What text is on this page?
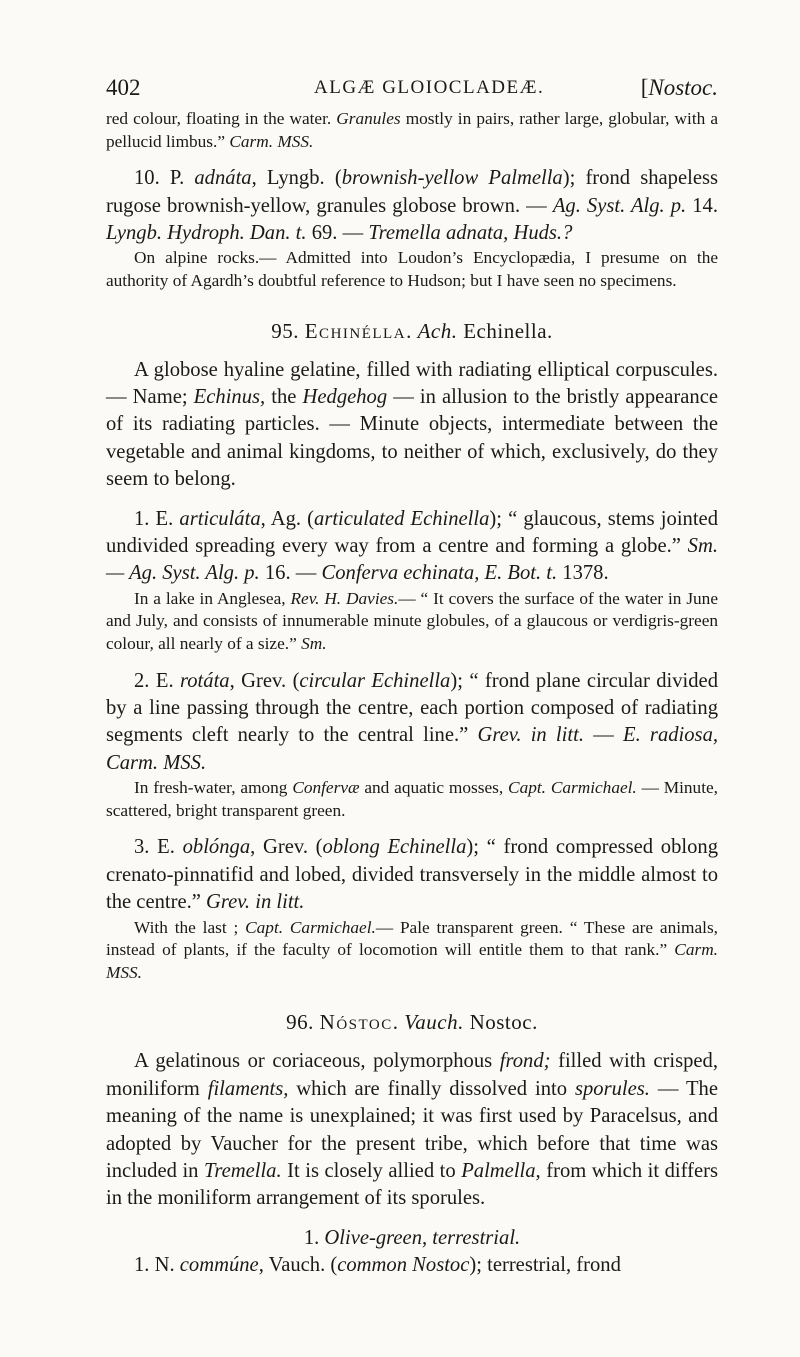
402	ALGÆ GLOIOCLADEÆ.	[Nostoc.

red colour, floating in the water. Granules mostly in pairs, rather large, globular, with a pellucid limbus.” Carm. MSS.

10. P. adnáta, Lyngb. (brownish-yellow Palmella); frond shapeless rugose brownish-yellow, granules globose brown. — Ag. Syst. Alg. p. 14. Lyngb. Hydroph. Dan. t. 69. — Tremella adnata, Huds.?

On alpine rocks.— Admitted into Loudon’s Encyclopædia, I presume on the authority of Agardh’s doubtful reference to Hudson; but I have seen no specimens.

95. Echinélla. Ach. Echinella.

A globose hyaline gelatine, filled with radiating elliptical corpuscules. — Name; Echinus, the Hedgehog — in allusion to the bristly appearance of its radiating particles. — Minute objects, intermediate between the vegetable and animal kingdoms, to neither of which, exclusively, do they seem to belong.

1. E. articuláta, Ag. (articulated Echinella); “ glaucous, stems jointed undivided spreading every way from a centre and forming a globe.” Sm. — Ag. Syst. Alg. p. 16. — Conferva echinata, E. Bot. t. 1378.

In a lake in Anglesea, Rev. H. Davies.— “ It covers the surface of the water in June and July, and consists of innumerable minute globules, of a glaucous or verdigris-green colour, all nearly of a size.” Sm.

2. E. rotáta, Grev. (circular Echinella); “ frond plane circular divided by a line passing through the centre, each portion composed of radiating segments cleft nearly to the central line.” Grev. in litt. — E. radiosa, Carm. MSS.

In fresh-water, among Confervæ and aquatic mosses, Capt. Carmichael. — Minute, scattered, bright transparent green.

3. E. oblónga, Grev. (oblong Echinella); “ frond compressed oblong crenato-pinnatifid and lobed, divided transversely in the middle almost to the centre.” Grev. in litt.

With the last ; Capt. Carmichael.— Pale transparent green. “ These are animals, instead of plants, if the faculty of locomotion will entitle them to that rank.” Carm. MSS.

96. Nóstoc. Vauch. Nostoc.

A gelatinous or coriaceous, polymorphous frond; filled with crisped, moniliform filaments, which are finally dissolved into sporules. — The meaning of the name is unexplained; it was first used by Paracelsus, and adopted by Vaucher for the present tribe, which before that time was included in Tremella. It is closely allied to Palmella, from which it differs in the moniliform arrangement of its sporules.

1. Olive-green, terrestrial.

1. N. commúne, Vauch. (common Nostoc); terrestrial, frond
